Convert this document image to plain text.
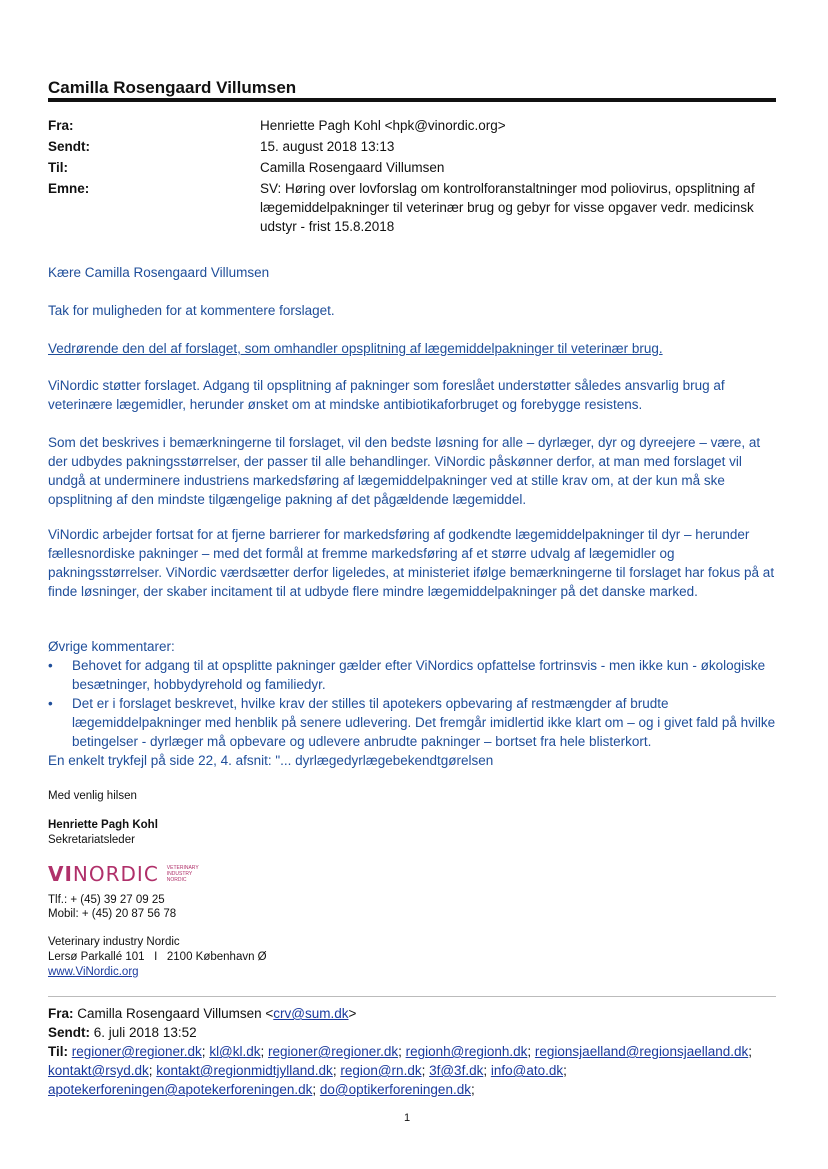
Camilla Rosengaard Villumsen
Fra:	Henriette Pagh Kohl <hpk@vinordic.org>
Sendt:	15. august 2018 13:13
Til:	Camilla Rosengaard Villumsen
Emne:	SV: Høring over lovforslag om kontrolforanstaltninger mod poliovirus, opsplitning af lægemiddelpakninger til veterinær brug og gebyr for visse opgaver vedr. medicinsk udstyr - frist 15.8.2018
Kære Camilla Rosengaard Villumsen
Tak for muligheden for at kommentere forslaget.
Vedrørende den del af forslaget, som omhandler opsplitning af lægemiddelpakninger til veterinær brug.
ViNordic støtter forslaget. Adgang til opsplitning af pakninger som foreslået understøtter således ansvarlig brug af veterinære lægemidler, herunder ønsket om at mindske antibiotikaforbruget og forebygge resistens.
Som det beskrives i bemærkningerne til forslaget, vil den bedste løsning for alle – dyrlæger, dyr og dyreejere – være, at der udbydes pakningsstørrelser, der passer til alle behandlinger. ViNordic påskønner derfor, at man med forslaget vil undgå at underminere industriens markedsføring af lægemiddelpakninger ved at stille krav om, at der kun må ske opsplitning af den mindste tilgængelige pakning af det pågældende lægemiddel.
ViNordic arbejder fortsat for at fjerne barrierer for markedsføring af godkendte lægemiddelpakninger til dyr – herunder fællesnordiske pakninger – med det formål at fremme markedsføring af et større udvalg af lægemidler og pakningsstørrelser. ViNordic værdsætter derfor ligeledes, at ministeriet ifølge bemærkningerne til forslaget har fokus på at finde løsninger, der skaber incitament til at udbyde flere mindre lægemiddelpakninger på det danske marked.
Øvrige kommentarer:
• Behovet for adgang til at opsplitte pakninger gælder efter ViNordics opfattelse fortrinsvis - men ikke kun - økologiske besætninger, hobbydyrehold og familiedyr.
• Det er i forslaget beskrevet, hvilke krav der stilles til apotekers opbevaring af restmængder af brudte lægemiddelpakninger med henblik på senere udlevering. Det fremgår imidlertid ikke klart om – og i givet fald på hvilke betingelser - dyrlæger må opbevare og udlevere anbrudte pakninger – bortset fra hele blisterkort.
En enkelt trykfejl på side 22, 4. afsnit: "... dyrlægedyrlægebekendtgørelsen
Med venlig hilsen
Henriette Pagh Kohl
Sekretariatsleder
VINORDIC VETERINARY INDUSTRY NORDIC
Tlf.: + (45) 39 27 09 25
Mobil: + (45) 20 87 56 78
Veterinary industry Nordic
Lersø Parkallé 101   I   2100 København Ø
www.ViNordic.org
Fra: Camilla Rosengaard Villumsen <crv@sum.dk>
Sendt: 6. juli 2018 13:52
Til: regioner@regioner.dk; kl@kl.dk; regioner@regioner.dk; regionh@regionh.dk; regionsjaelland@regionsjaelland.dk; kontakt@rsyd.dk; kontakt@regionmidtjylland.dk; region@rn.dk; 3f@3f.dk; info@ato.dk; apotekerforeningen@apotekerforeningen.dk; do@optikerforeningen.dk;
1
